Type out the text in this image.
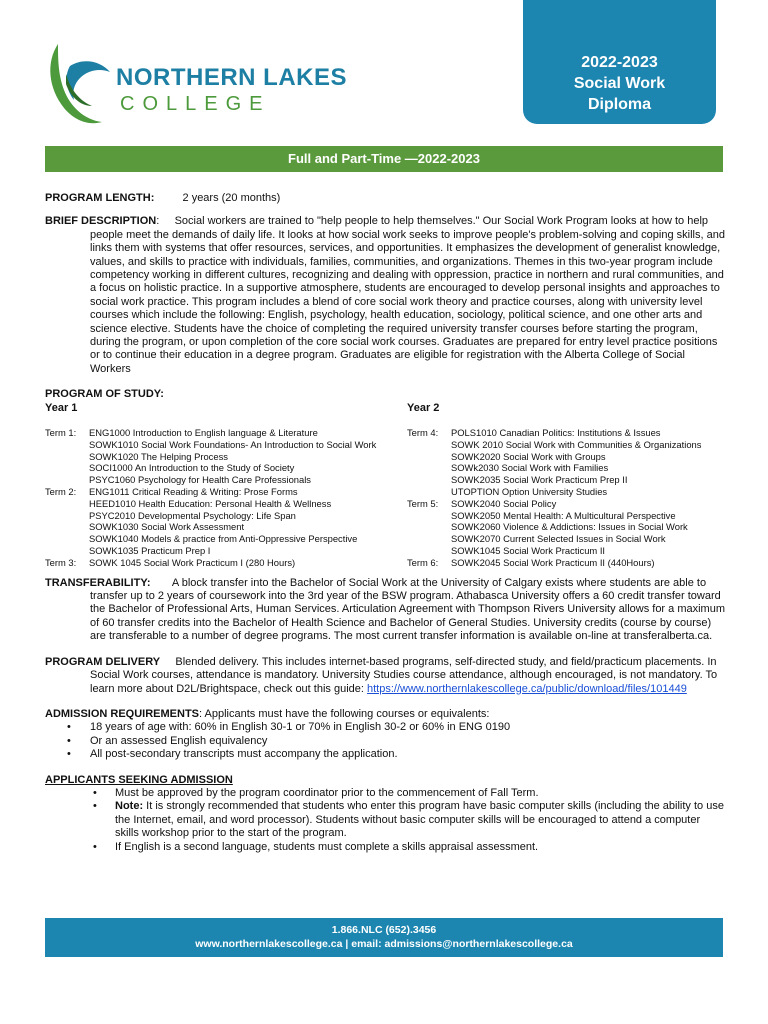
NORTHERN LAKES
COLLEGE
2022-2023
Social Work
Diploma
Full and Part-Time —2022-2023
PROGRAM LENGTH:	2 years (20 months)
BRIEF DESCRIPTION:     Social workers are trained to "help people to help themselves." Our Social Work Program looks at how to help people meet the demands of daily life. It looks at how social work seeks to improve people's problem-solving and coping skills, and links them with systems that offer resources, services, and opportunities. It emphasizes the development of generalist knowledge, values, and skills to practice with individuals, families, communities, and organizations. Themes in this two-year program include competency working in different cultures, recognizing and dealing with oppression, practice in northern and rural communities, and a focus on holistic practice. In a supportive atmosphere, students are encouraged to develop personal insights and approaches to social work practice. This program includes a blend of core social work theory and practice courses, along with university level courses which include the following: English, psychology, health education, sociology, political science, and one other arts and science elective. Students have the choice of completing the required university transfer courses before starting the program, during the program, or upon completion of the core social work courses. Graduates are prepared for entry level practice positions or to continue their education in a degree program. Graduates are eligible for registration with the Alberta College of Social Workers
PROGRAM OF STUDY:
Year 1	Year 2
Term 1:	ENG1000 Introduction to English language & Literature
SOWK1010 Social Work Foundations- An Introduction to Social Work
SOWK1020 The Helping Process
SOCI1000 An Introduction to the Study of Society
PSYC1060 Psychology for Health Care Professionals
Term 2:	ENG1011 Critical Reading & Writing: Prose Forms
HEED1010 Health Education: Personal Health & Wellness
PSYC2010 Developmental Psychology: Life Span
SOWK1030 Social Work Assessment
SOWK1040 Models & practice from Anti-Oppressive Perspective
SOWK1035 Practicum Prep I
Term 3:	SOWK 1045 Social Work Practicum I (280 Hours)
Term 4:	POLS1010 Canadian Politics: Institutions & Issues
SOWK 2010 Social Work with Communities & Organizations
SOWK2020 Social Work with Groups
SOWk2030 Social Work with Families
SOWK2035 Social Work Practicum Prep II
UTOPTION Option University Studies
Term 5:	SOWK2040 Social Policy
SOWK2050 Mental Health: A Multicultural Perspective
SOWK2060 Violence & Addictions: Issues in Social Work
SOWK2070 Current Selected Issues in Social Work
SOWK1045 Social Work Practicum II
Term 6:	SOWK2045 Social Work Practicum II (440Hours)
TRANSFERABILITY: A block transfer into the Bachelor of Social Work at the University of Calgary exists where students are able to transfer up to 2 years of coursework into the 3rd year of the BSW program. Athabasca University offers a 60 credit transfer toward the Bachelor of Professional Arts, Human Services. Articulation Agreement with Thompson Rivers University allows for a maximum of 60 transfer credits into the Bachelor of Health Science and Bachelor of General Studies. University credits (course by course) are transferable to a number of degree programs. The most current transfer information is available on-line at transferalberta.ca.
PROGRAM DELIVERY Blended delivery. This includes internet-based programs, self-directed study, and field/practicum placements. In Social Work courses, attendance is mandatory. University Studies course attendance, although encouraged, is not mandatory. To learn more about D2L/Brightspace, check out this guide: https://www.northernlakescollege.ca/public/download/files/101449
ADMISSION REQUIREMENTS: Applicants must have the following courses or equivalents:
• 18 years of age with: 60% in English 30-1 or 70% in English 30-2 or 60% in ENG 0190
• Or an assessed English equivalency
• All post-secondary transcripts must accompany the application.
APPLICANTS SEEKING ADMISSION
• Must be approved by the program coordinator prior to the commencement of Fall Term.
• Note: It is strongly recommended that students who enter this program have basic computer skills (including the ability to use the Internet, email, and word processor). Students without basic computer skills will be encouraged to attend a computer skills workshop prior to the start of the program.
• If English is a second language, students must complete a skills appraisal assessment.
1.866.NLC (652).3456
www.northernlakescollege.ca | email: admissions@northernlakescollege.ca
